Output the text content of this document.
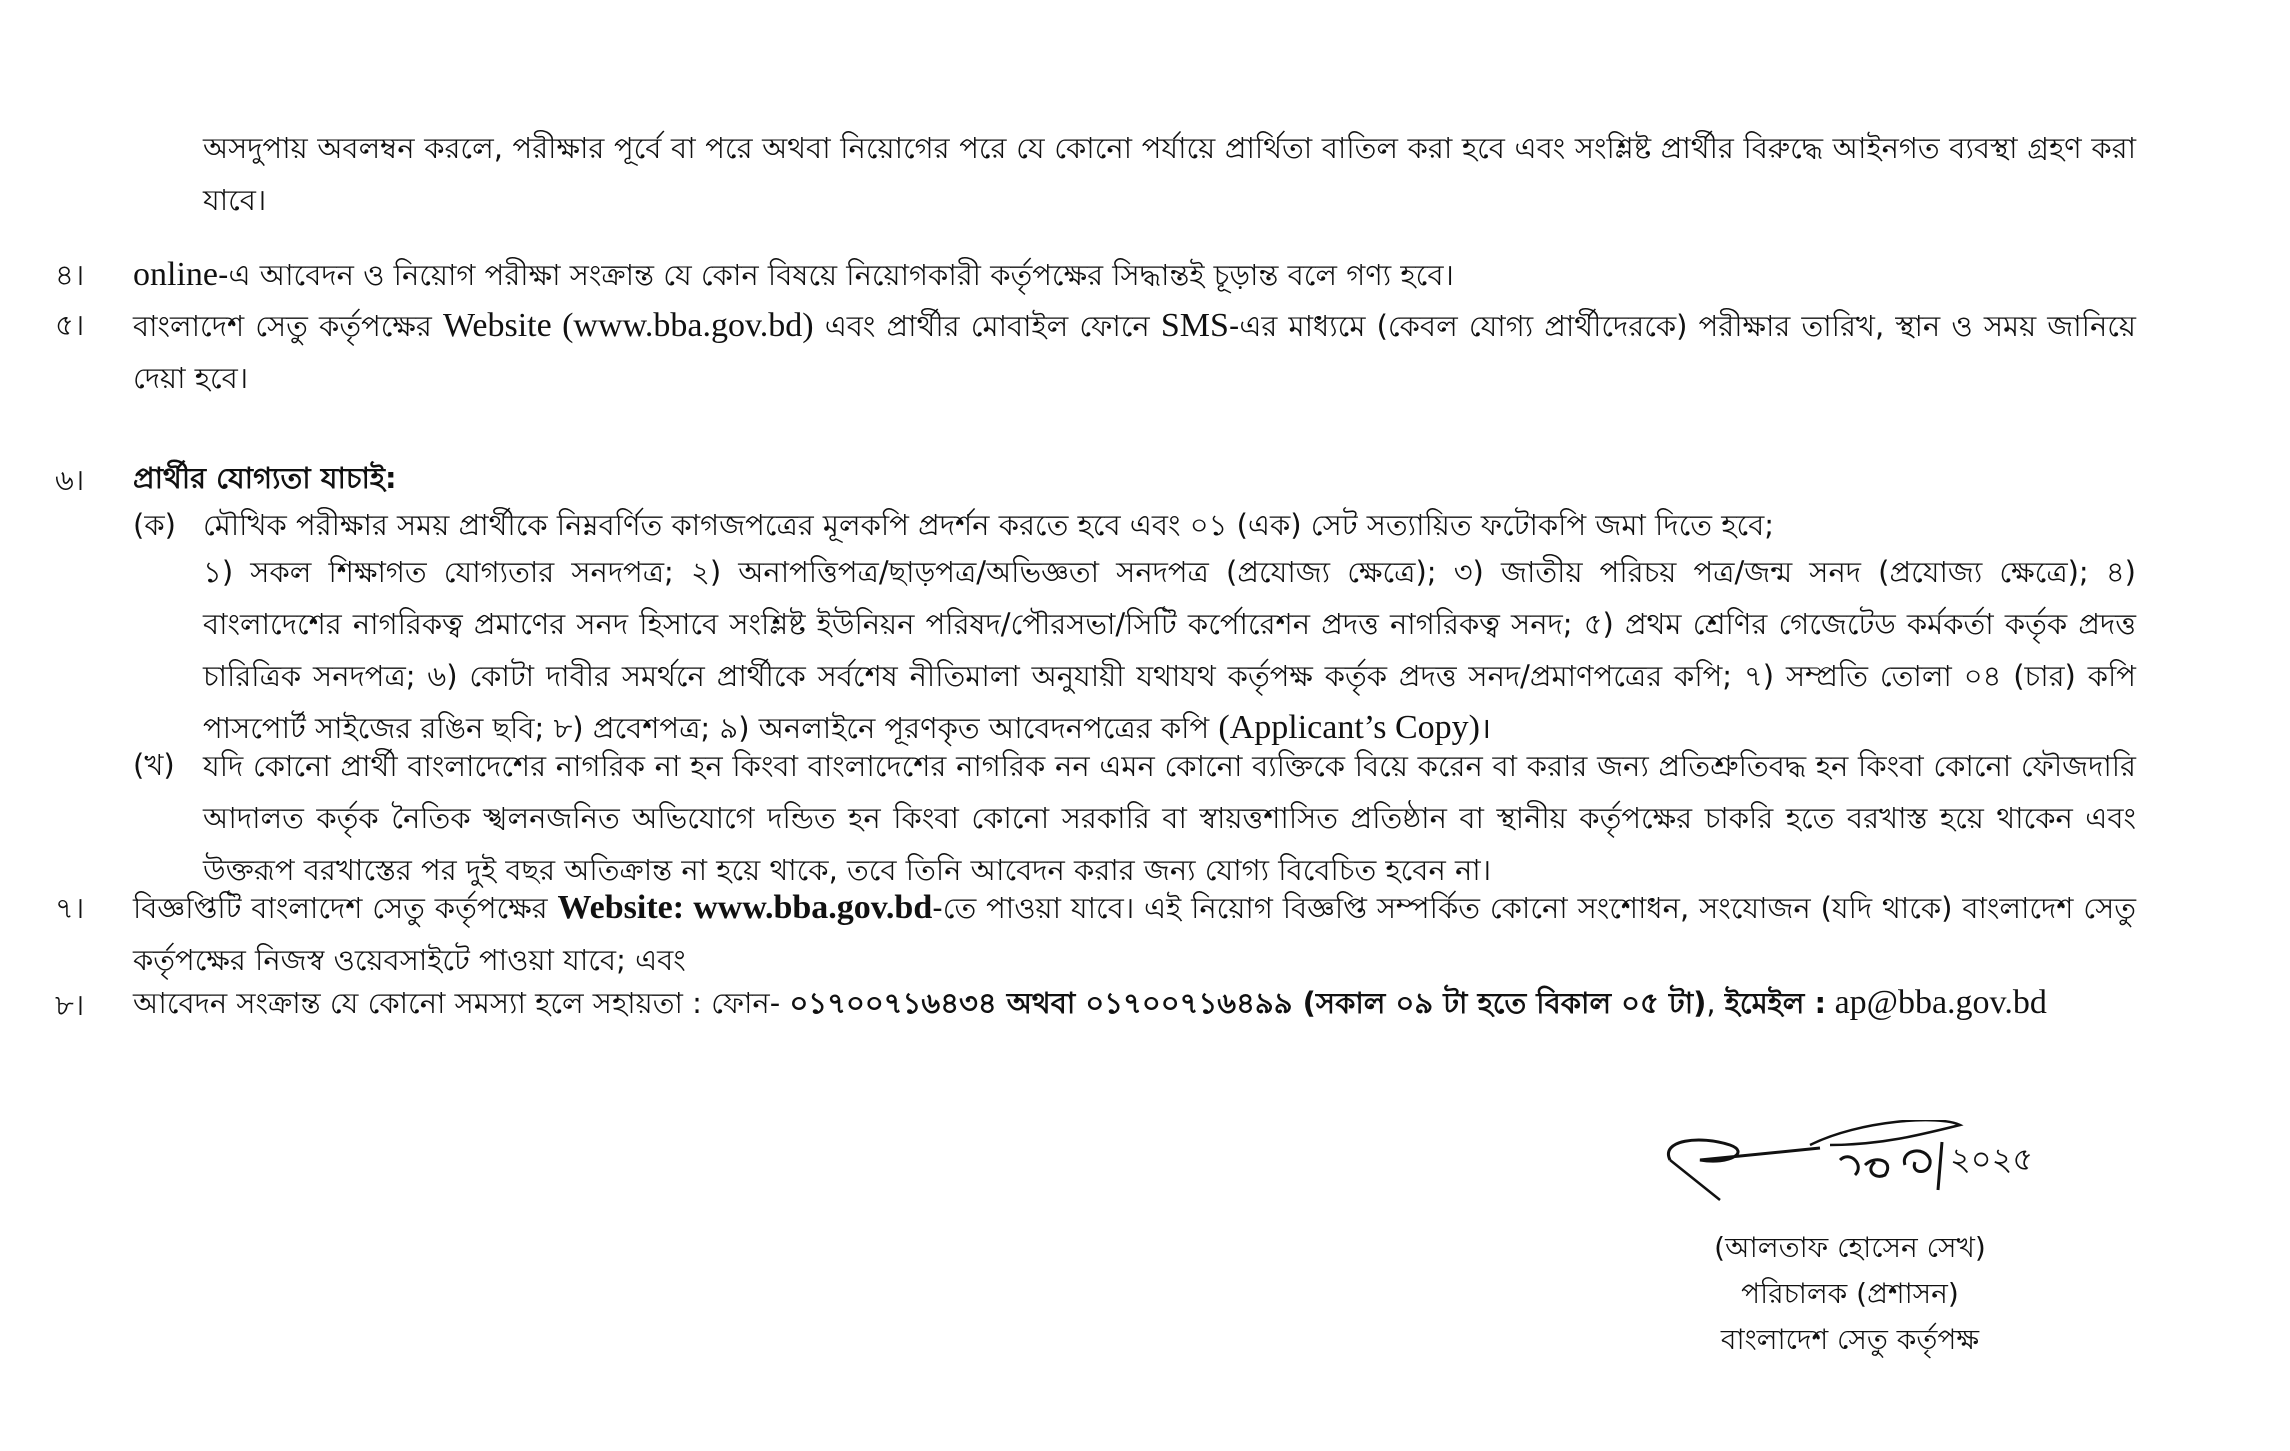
অসদুপায় অবলম্বন করলে, পরীক্ষার পূর্বে বা পরে অথবা নিয়োগের পরে যে কোনো পর্যায়ে প্রার্থিতা বাতিল করা হবে এবং সংশ্লিষ্ট প্রার্থীর বিরুদ্ধে আইনগত ব্যবস্থা গ্রহণ করা যাবে।
৪। online-এ আবেদন ও নিয়োগ পরীক্ষা সংক্রান্ত যে কোন বিষয়ে নিয়োগকারী কর্তৃপক্ষের সিদ্ধান্তই চূড়ান্ত বলে গণ্য হবে।
৫। বাংলাদেশ সেতু কর্তৃপক্ষের Website (www.bba.gov.bd) এবং প্রার্থীর মোবাইল ফোনে SMS-এর মাধ্যমে (কেবল যোগ্য প্রার্থীদেরকে) পরীক্ষার তারিখ, স্থান ও সময় জানিয়ে দেয়া হবে।
৬। প্রার্থীর যোগ্যতা যাচাই:
(ক) মৌখিক পরীক্ষার সময় প্রার্থীকে নিম্নবর্ণিত কাগজপত্রের মূলকপি প্রদর্শন করতে হবে এবং ০১ (এক) সেট সত্যায়িত ফটোকপি জমা দিতে হবে;
১) সকল শিক্ষাগত যোগ্যতার সনদপত্র; ২) অনাপত্তিপত্র/ছাড়পত্র/অভিজ্ঞতা সনদপত্র (প্রযোজ্য ক্ষেত্রে); ৩) জাতীয় পরিচয় পত্র/জন্ম সনদ (প্রযোজ্য ক্ষেত্রে); ৪) বাংলাদেশের নাগরিকত্ব প্রমাণের সনদ হিসাবে সংশ্লিষ্ট ইউনিয়ন পরিষদ/পৌরসভা/সিটি কর্পোরেশন প্রদত্ত নাগরিকত্ব সনদ; ৫) প্রথম শ্রেণির গেজেটেড কর্মকর্তা কর্তৃক প্রদত্ত চারিত্রিক সনদপত্র; ৬) কোটা দাবীর সমর্থনে প্রার্থীকে সর্বশেষ নীতিমালা অনুযায়ী যথাযথ কর্তৃপক্ষ কর্তৃক প্রদত্ত সনদ/প্রমাণপত্রের কপি; ৭) সম্প্রতি তোলা ০৪ (চার) কপি পাসপোর্ট সাইজের রঙিন ছবি; ৮) প্রবেশপত্র; ৯) অনলাইনে পূরণকৃত আবেদনপত্রের কপি (Applicant’s Copy)।
(খ) যদি কোনো প্রার্থী বাংলাদেশের নাগরিক না হন কিংবা বাংলাদেশের নাগরিক নন এমন কোনো ব্যক্তিকে বিয়ে করেন বা করার জন্য প্রতিশ্রুতিবদ্ধ হন কিংবা কোনো ফৌজদারি আদালত কর্তৃক নৈতিক স্খলনজনিত অভিযোগে দন্ডিত হন কিংবা কোনো সরকারি বা স্বায়ত্তশাসিত প্রতিষ্ঠান বা স্থানীয় কর্তৃপক্ষের চাকরি হতে বরখাস্ত হয়ে থাকেন এবং উক্তরূপ বরখাস্তের পর দুই বছর অতিক্রান্ত না হয়ে থাকে, তবে তিনি আবেদন করার জন্য যোগ্য বিবেচিত হবেন না।
৭। বিজ্ঞপ্তিটি বাংলাদেশ সেতু কর্তৃপক্ষের Website: www.bba.gov.bd-তে পাওয়া যাবে। এই নিয়োগ বিজ্ঞপ্তি সম্পর্কিত কোনো সংশোধন, সংযোজন (যদি থাকে) বাংলাদেশ সেতু কর্তৃপক্ষের নিজস্ব ওয়েবসাইটে পাওয়া যাবে; এবং
৮। আবেদন সংক্রান্ত যে কোনো সমস্যা হলে সহায়তা : ফোন- ০১৭০০৭১৬৪৩৪ অথবা ০১৭০০৭১৬৪৯৯ (সকাল ০৯ টা হতে বিকাল ০৫ টা), ইমেইল : ap@bba.gov.bd
২০২৫
(আলতাফ হোসেন সেখ)
পরিচালক (প্রশাসন)
বাংলাদেশ সেতু কর্তৃপক্ষ
